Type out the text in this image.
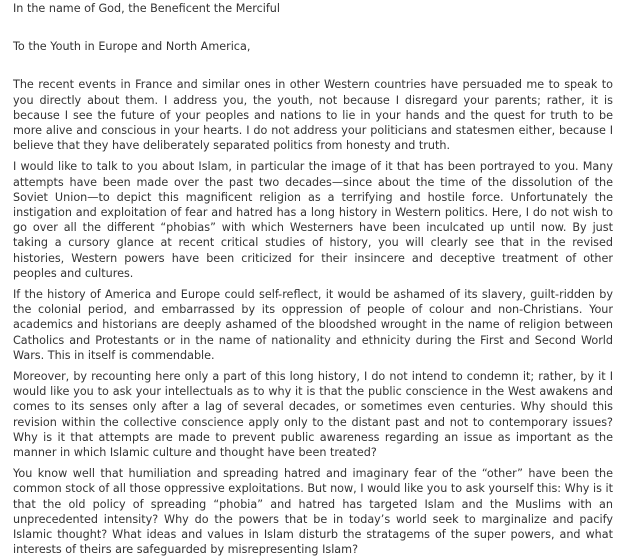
In the name of God, the Beneficent the Merciful

To the Youth in Europe and North America,

The recent events in France and similar ones in other Western countries have persuaded me to speak to you directly about them. I address you, the youth, not because I disregard your parents; rather, it is because I see the future of your peoples and nations to lie in your hands and the quest for truth to be more alive and conscious in your hearts. I do not address your politicians and statesmen either, because I believe that they have deliberately separated politics from honesty and truth.

I would like to talk to you about Islam, in particular the image of it that has been portrayed to you. Many attempts have been made over the past two decades—since about the time of the dissolution of the Soviet Union—to depict this magnificent religion as a terrifying and hostile force. Unfortunately the instigation and exploitation of fear and hatred has a long history in Western politics. Here, I do not wish to go over all the different “phobias” with which Westerners have been inculcated up until now. By just taking a cursory glance at recent critical studies of history, you will clearly see that in the revised histories, Western powers have been criticized for their insincere and deceptive treatment of other peoples and cultures.

If the history of America and Europe could self-reflect, it would be ashamed of its slavery, guilt-ridden by the colonial period, and embarrassed by its oppression of people of colour and non-Christians. Your academics and historians are deeply ashamed of the bloodshed wrought in the name of religion between Catholics and Protestants or in the name of nationality and ethnicity during the First and Second World Wars. This in itself is commendable.

Moreover, by recounting here only a part of this long history, I do not intend to condemn it; rather, by it I would like you to ask your intellectuals as to why it is that the public conscience in the West awakens and comes to its senses only after a lag of several decades, or sometimes even centuries. Why should this revision within the collective conscience apply only to the distant past and not to contemporary issues? Why is it that attempts are made to prevent public awareness regarding an issue as important as the manner in which Islamic culture and thought have been treated?

You know well that humiliation and spreading hatred and imaginary fear of the “other” have been the common stock of all those oppressive exploitations. But now, I would like you to ask yourself this: Why is it that the old policy of spreading “phobia” and hatred has targeted Islam and the Muslims with an unprecedented intensity? Why do the powers that be in today’s world seek to marginalize and pacify Islamic thought? What ideas and values in Islam disturb the stratagems of the super powers, and what interests of theirs are safeguarded by misrepresenting Islam?
